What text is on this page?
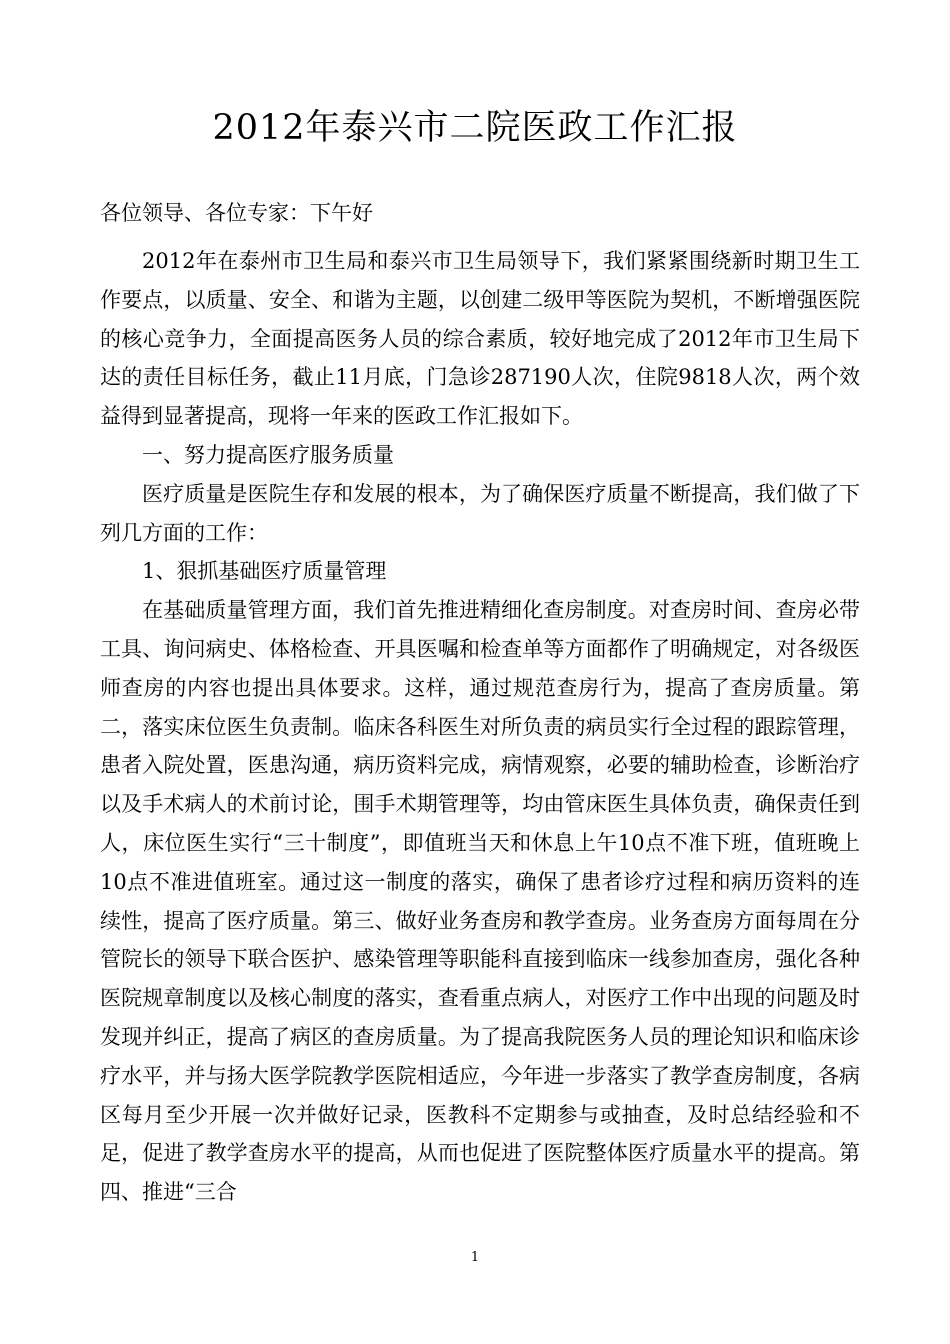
2012年泰兴市二院医政工作汇报

各位领导、各位专家：下午好

2012年在泰州市卫生局和泰兴市卫生局领导下，我们紧紧围绕新时期卫生工作要点，以质量、安全、和谐为主题，以创建二级甲等医院为契机，不断增强医院的核心竞争力，全面提高医务人员的综合素质，较好地完成了2012年市卫生局下达的责任目标任务，截止11月底，门急诊287190人次，住院9818人次，两个效益得到显著提高，现将一年来的医政工作汇报如下。

一、努力提高医疗服务质量

医疗质量是医院生存和发展的根本，为了确保医疗质量不断提高，我们做了下列几方面的工作：

1、狠抓基础医疗质量管理

在基础质量管理方面，我们首先推进精细化查房制度。对查房时间、查房必带工具、询问病史、体格检查、开具医嘱和检查单等方面都作了明确规定，对各级医师查房的内容也提出具体要求。这样，通过规范查房行为，提高了查房质量。第二，落实床位医生负责制。临床各科医生对所负责的病员实行全过程的跟踪管理，患者入院处置，医患沟通，病历资料完成，病情观察，必要的辅助检查，诊断治疗以及手术病人的术前讨论，围手术期管理等，均由管床医生具体负责，确保责任到人，床位医生实行“三十制度”，即值班当天和休息上午10点不准下班，值班晚上10点不准进值班室。通过这一制度的落实，确保了患者诊疗过程和病历资料的连续性，提高了医疗质量。第三、做好业务查房和教学查房。业务查房方面每周在分管院长的领导下联合医护、感染管理等职能科直接到临床一线参加查房，强化各种医院规章制度以及核心制度的落实，查看重点病人，对医疗工作中出现的问题及时发现并纠正，提高了病区的查房质量。为了提高我院医务人员的理论知识和临床诊疗水平，并与扬大医学院教学医院相适应，今年进一步落实了教学查房制度，各病区每月至少开展一次并做好记录，医教科不定期参与或抽查，及时总结经验和不足，促进了教学查房水平的提高，从而也促进了医院整体医疗质量水平的提高。第四、推进“三合

1
